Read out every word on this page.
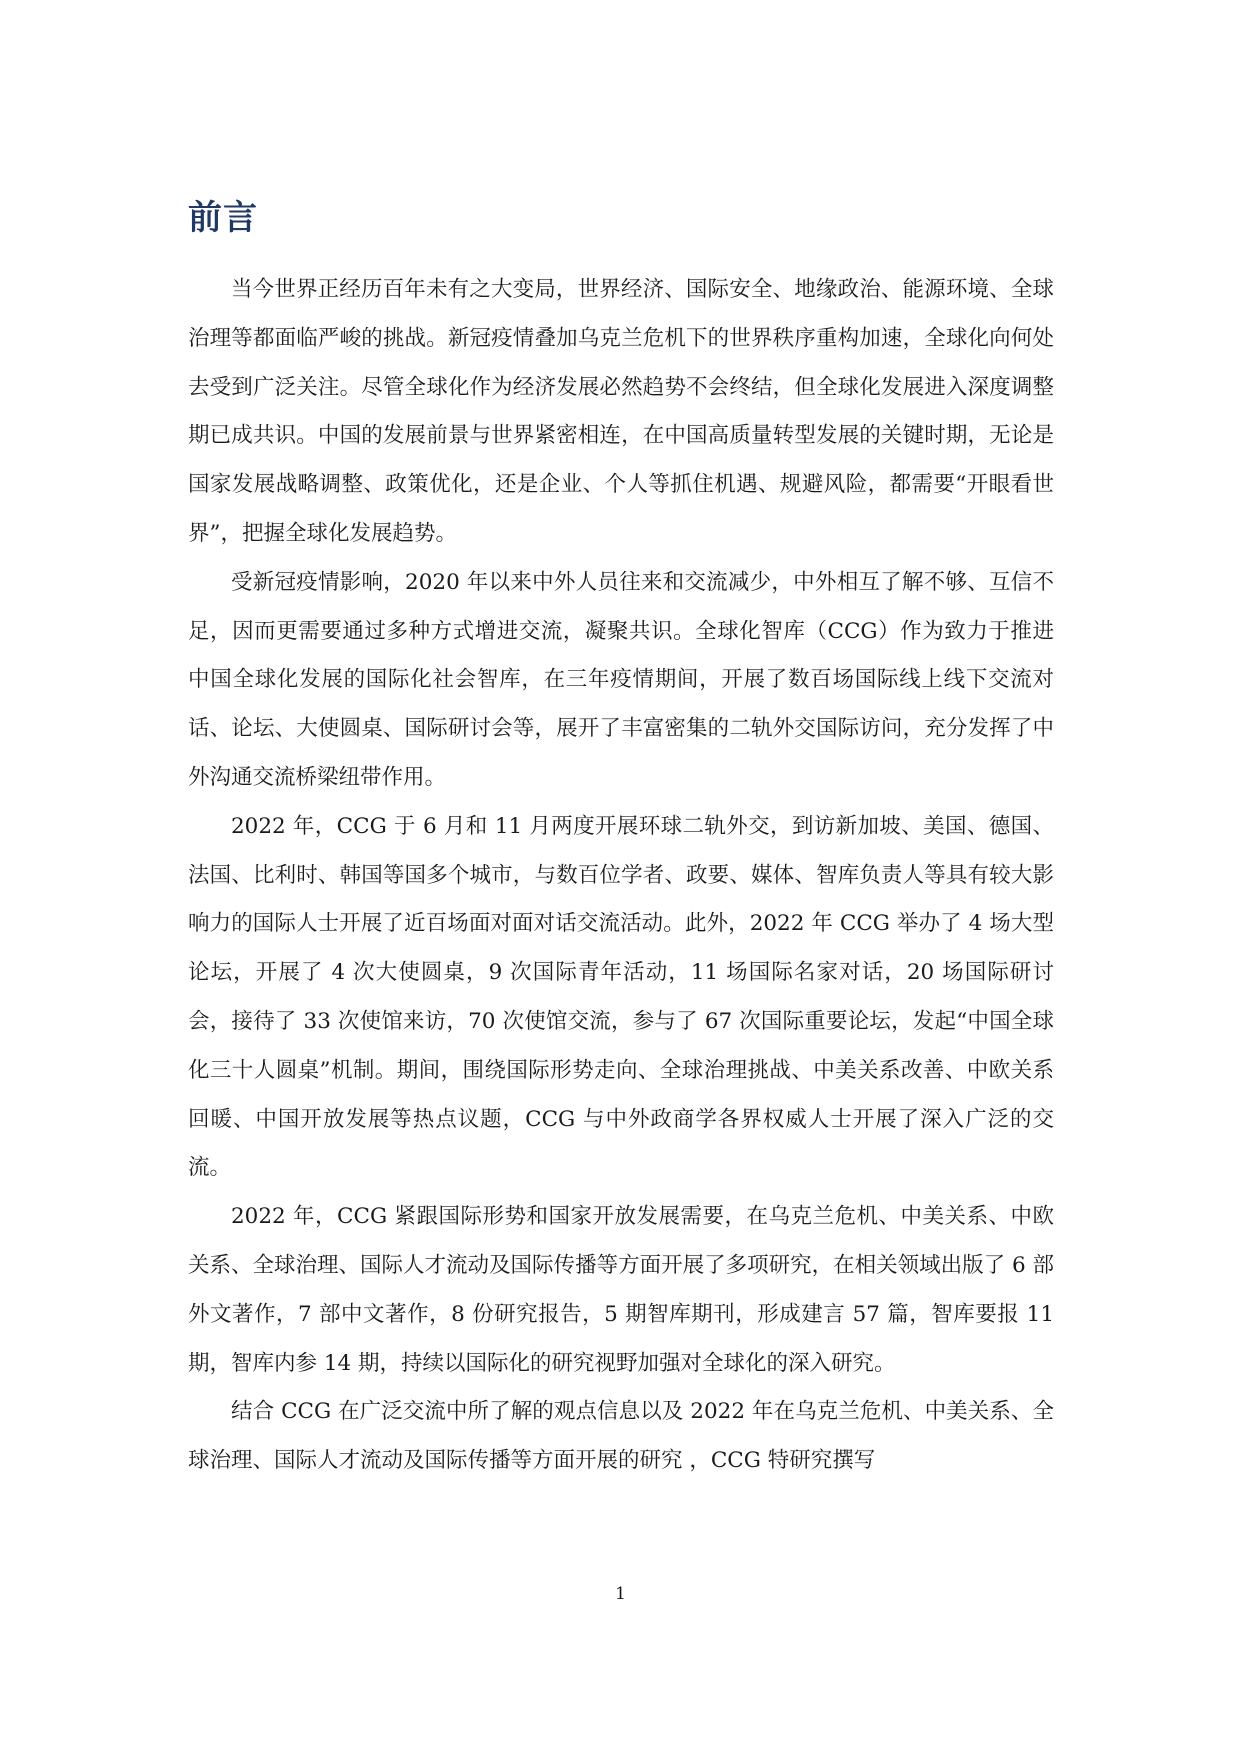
前言

当今世界正经历百年未有之大变局，世界经济、国际安全、地缘政治、能源环境、全球治理等都面临严峻的挑战。新冠疫情叠加乌克兰危机下的世界秩序重构加速，全球化向何处去受到广泛关注。尽管全球化作为经济发展必然趋势不会终结，但全球化发展进入深度调整期已成共识。中国的发展前景与世界紧密相连，在中国高质量转型发展的关键时期，无论是国家发展战略调整、政策优化，还是企业、个人等抓住机遇、规避风险，都需要“开眼看世界”，把握全球化发展趋势。

受新冠疫情影响，2020 年以来中外人员往来和交流减少，中外相互了解不够、互信不足，因而更需要通过多种方式增进交流，凝聚共识。全球化智库（CCG）作为致力于推进中国全球化发展的国际化社会智库，在三年疫情期间，开展了数百场国际线上线下交流对话、论坛、大使圆桌、国际研讨会等，展开了丰富密集的二轨外交国际访问，充分发挥了中外沟通交流桥梁纽带作用。

2022 年，CCG 于 6 月和 11 月两度开展环球二轨外交，到访新加坡、美国、德国、法国、比利时、韩国等国多个城市，与数百位学者、政要、媒体、智库负责人等具有较大影响力的国际人士开展了近百场面对面对话交流活动。此外，2022 年 CCG 举办了 4 场大型论坛，开展了 4 次大使圆桌，9 次国际青年活动，11 场国际名家对话，20 场国际研讨会，接待了 33 次使馆来访，70 次使馆交流，参与了 67 次国际重要论坛，发起“中国全球化三十人圆桌”机制。期间，围绕国际形势走向、全球治理挑战、中美关系改善、中欧关系回暖、中国开放发展等热点议题，CCG 与中外政商学各界权威人士开展了深入广泛的交流。

2022 年，CCG 紧跟国际形势和国家开放发展需要，在乌克兰危机、中美关系、中欧关系、全球治理、国际人才流动及国际传播等方面开展了多项研究，在相关领域出版了 6 部外文著作，7 部中文著作，8 份研究报告，5 期智库期刊，形成建言 57 篇，智库要报 11 期，智库内参 14 期，持续以国际化的研究视野加强对全球化的深入研究。

结合 CCG 在广泛交流中所了解的观点信息以及 2022 年在乌克兰危机、中美关系、全球治理、国际人才流动及国际传播等方面开展的研究 ，CCG 特研究撰写

1
